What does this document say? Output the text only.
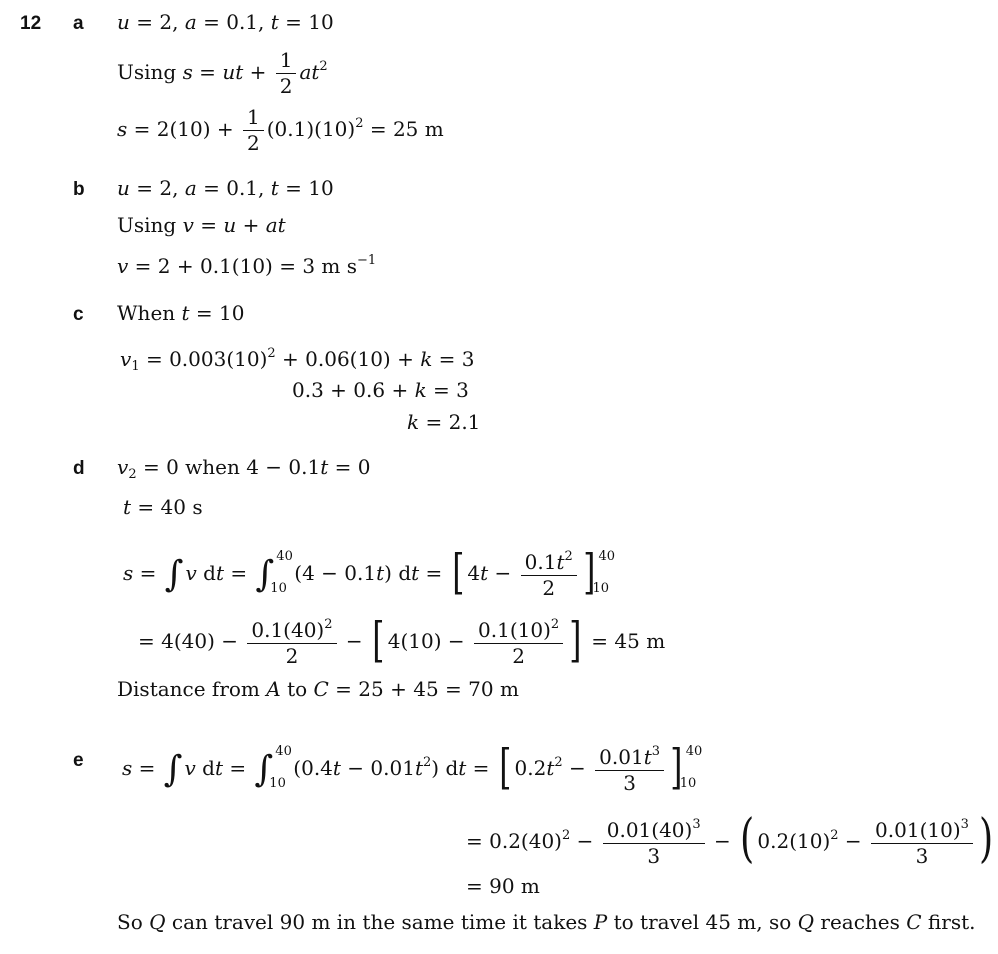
12 a u = 2, a = 0.1, t = 10
Using s = ut + $\frac{1}{2} at^2$
$s = 2(10) + \frac{1}{2} (0.1)(10)^2 = 25$ m
b u = 2, a = 0.1, t = 10
Using v = u + at
v = 2 + 0.1(10) = 3 m $s^{-1}$
c When t = 10
$v_1 = 0.003(10)^2 + 0.06(10) + k = 3$
0.3 + 0.6 + k = 3
k = 2.1
d $v_2 = 0$ when 4 − 0.1t = 0
t = 40 s
s = ∫ v dt = ∫ 40
10
(4 − 0.1t) dt = [ $4t - \frac{0.1t^2}{2}$ ] 40
10
= $4(40) - \frac{0.1(40)^2}{2}$ − [ $4(10) - \frac{0.1(10)^2}{2}$ ] = 45 m
Distance from A to C = 25 + 45 = 70 m
e s = ∫ v dt = ∫ 40
10
$(0.4t - 0.01t^2)$ dt = [ $0.2t^2 - \frac{0.01t^3}{3}$ ] 40
10
= $0.2(40)^2 - \frac{0.01(40)^3}{3}$ − ( $0.2(10)^2 - \frac{0.01(10)^3}{3}$ )
= 90 m
So Q can travel 90 m in the same time it takes P to travel 45 m, so Q reaches C first.
